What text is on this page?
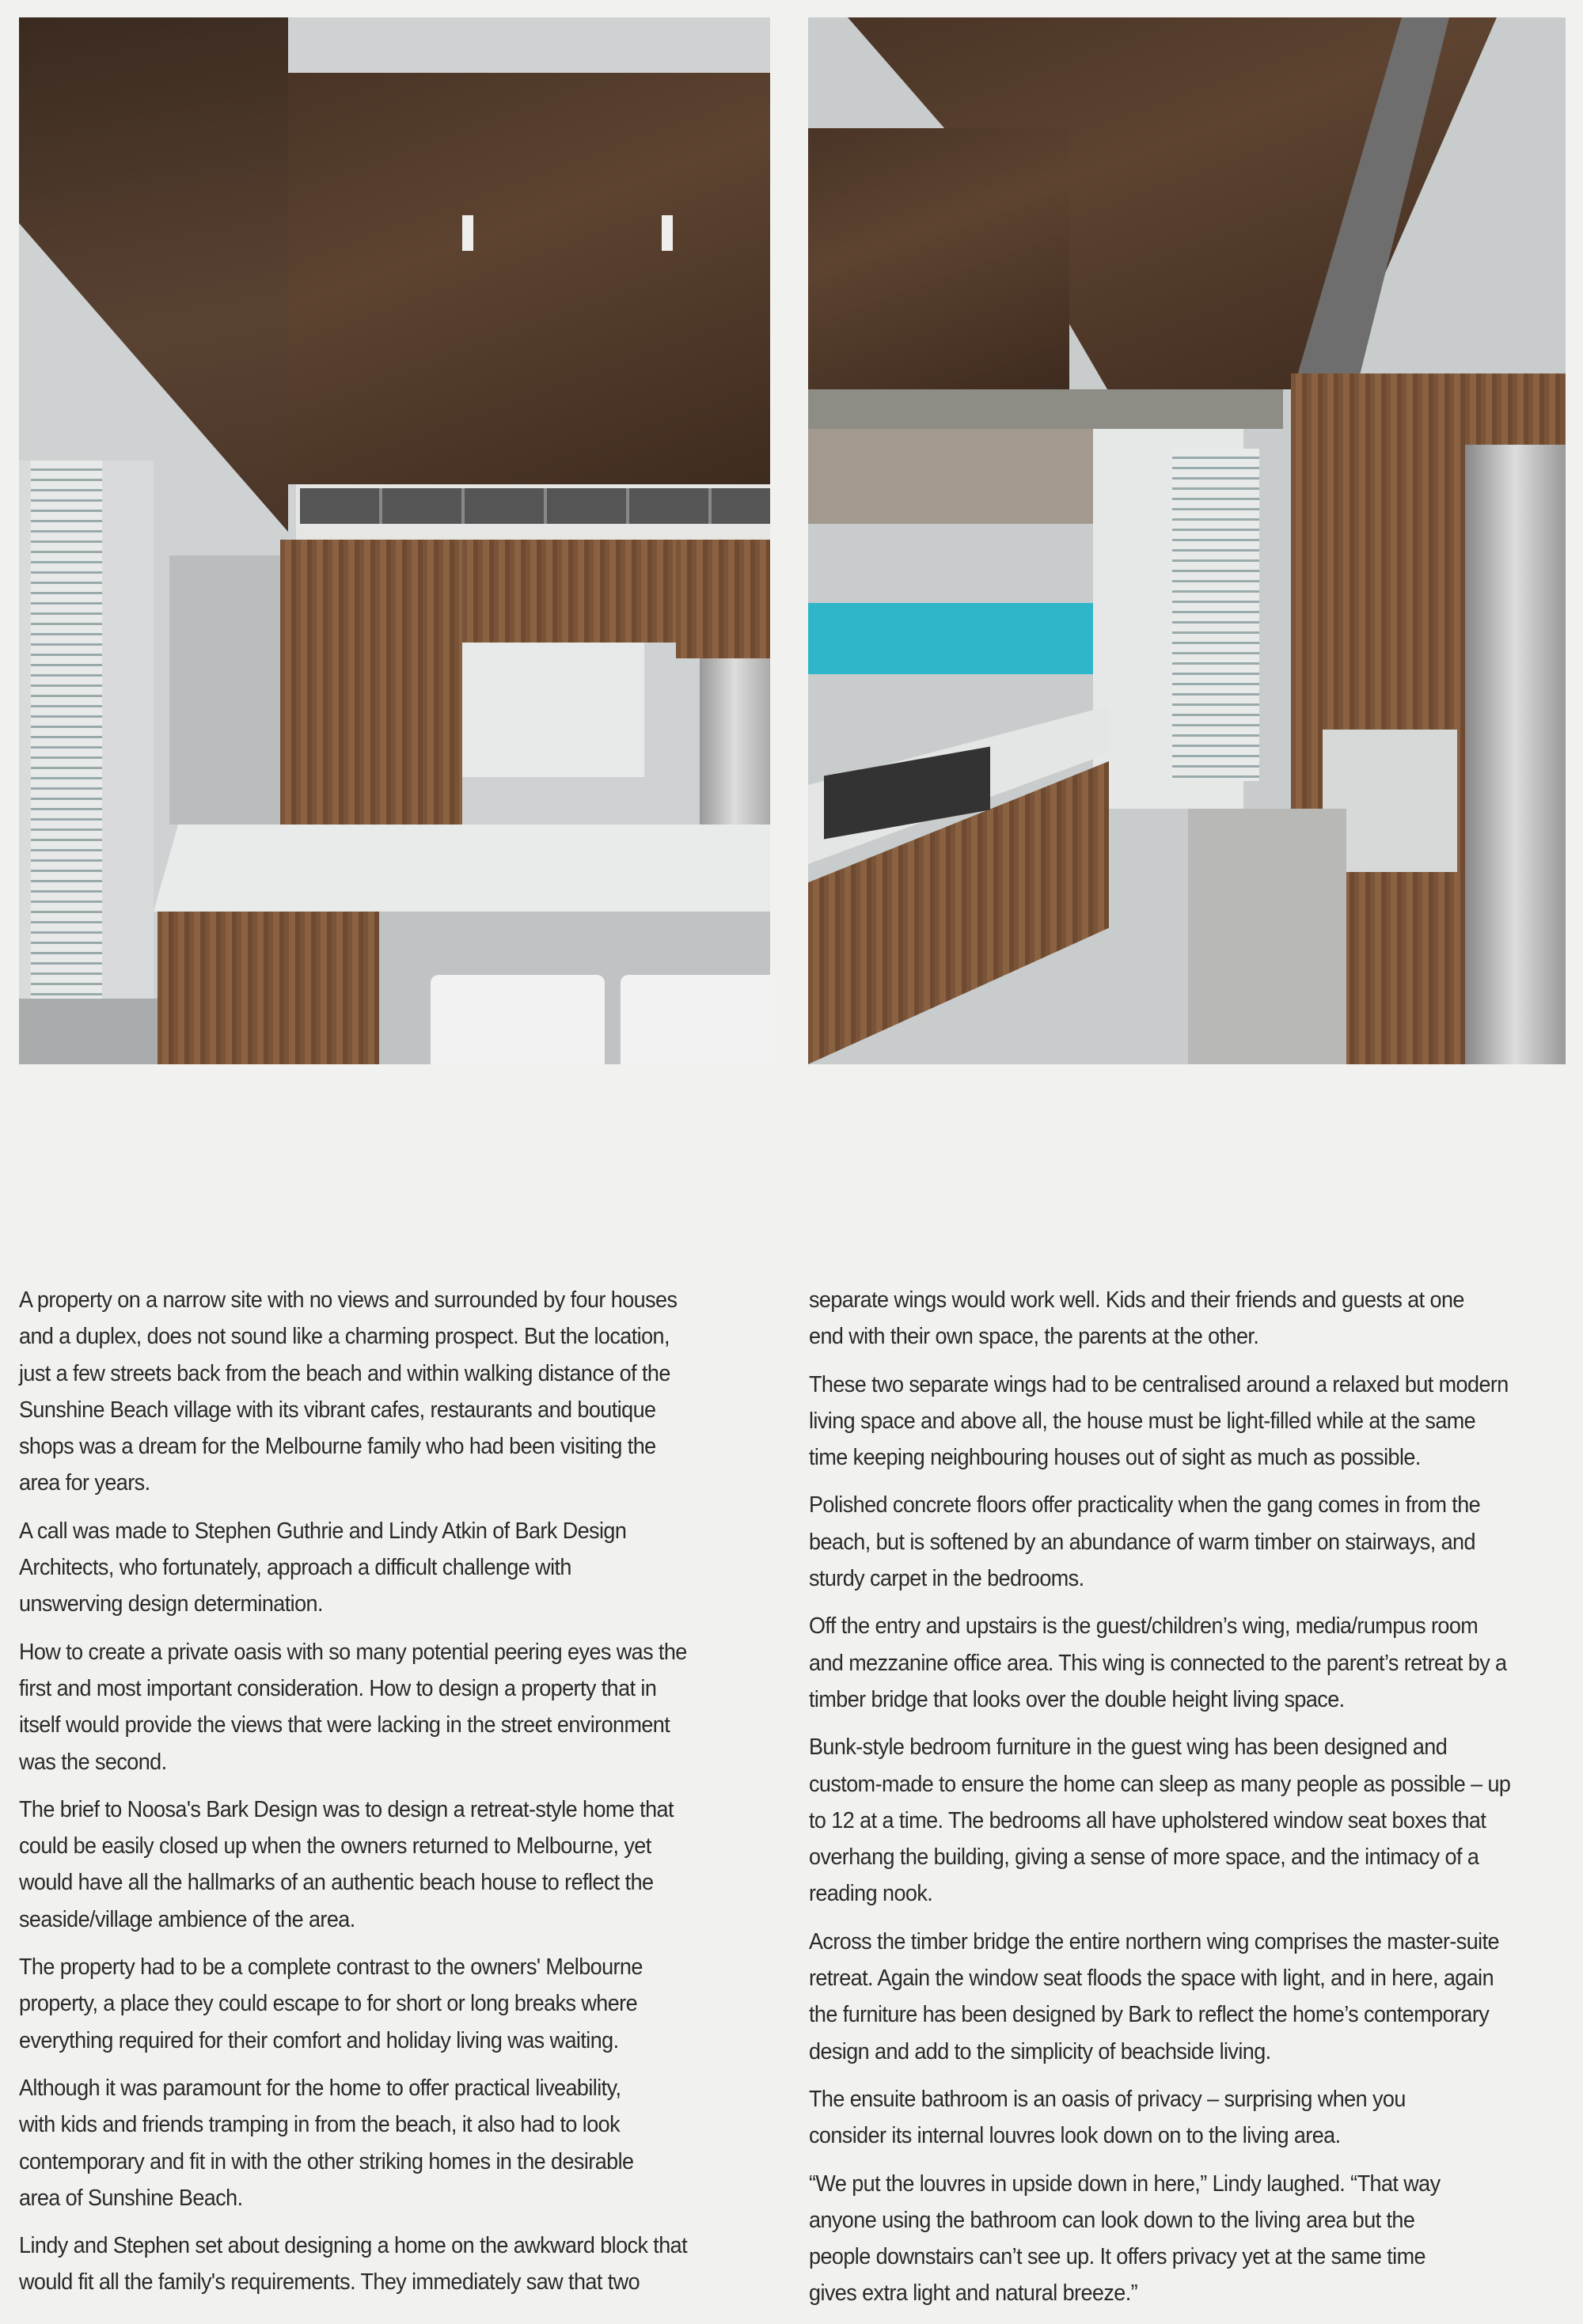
A property on a narrow site with no views and surrounded by four houses
and a duplex, does not sound like a charming prospect. But the location,
just a few streets back from the beach and within walking distance of the
Sunshine Beach village with its vibrant cafes, restaurants and boutique
shops was a dream for the Melbourne family who had been visiting the
area for years.
A call was made to Stephen Guthrie and Lindy Atkin of Bark Design
Architects, who fortunately, approach a difficult challenge with
unswerving design determination.
How to create a private oasis with so many potential peering eyes was the
first and most important consideration. How to design a property that in
itself would provide the views that were lacking in the street environment
was the second.
The brief to Noosa's Bark Design was to design a retreat-style home that
could be easily closed up when the owners returned to Melbourne, yet
would have all the hallmarks of an authentic beach house to reflect the
seaside/village ambience of the area.
The property had to be a complete contrast to the owners' Melbourne
property, a place they could escape to for short or long breaks where
everything required for their comfort and holiday living was waiting.
Although it was paramount for the home to offer practical liveability,
with kids and friends tramping in from the beach, it also had to look
contemporary and fit in with the other striking homes in the desirable
area of Sunshine Beach.
Lindy and Stephen set about designing a home on the awkward block that
would fit all the family's requirements. They immediately saw that two
separate wings would work well. Kids and their friends and guests at one
end with their own space, the parents at the other.
These two separate wings had to be centralised around a relaxed but modern
living space and above all, the house must be light-filled while at the same
time keeping neighbouring houses out of sight as much as possible.
Polished concrete floors offer practicality when the gang comes in from the
beach, but is softened by an abundance of warm timber on stairways, and
sturdy carpet in the bedrooms.
Off the entry and upstairs is the guest/children’s wing, media/rumpus room
and mezzanine office area. This wing is connected to the parent’s retreat by a
timber bridge that looks over the double height living space.
Bunk-style bedroom furniture in the guest wing has been designed and
custom-made to ensure the home can sleep as many people as possible – up
to 12 at a time. The bedrooms all have upholstered window seat boxes that
overhang the building, giving a sense of more space, and the intimacy of a
reading nook.
Across the timber bridge the entire northern wing comprises the master-suite
retreat. Again the window seat floods the space with light, and in here, again
the furniture has been designed by Bark to reflect the home’s contemporary
design and add to the simplicity of beachside living.
The ensuite bathroom is an oasis of privacy – surprising when you
consider its internal louvres look down on to the living area.
“We put the louvres in upside down in here,” Lindy laughed. “That way
anyone using the bathroom can look down to the living area but the
people downstairs can’t see up. It offers privacy yet at the same time
gives extra light and natural breeze.”
